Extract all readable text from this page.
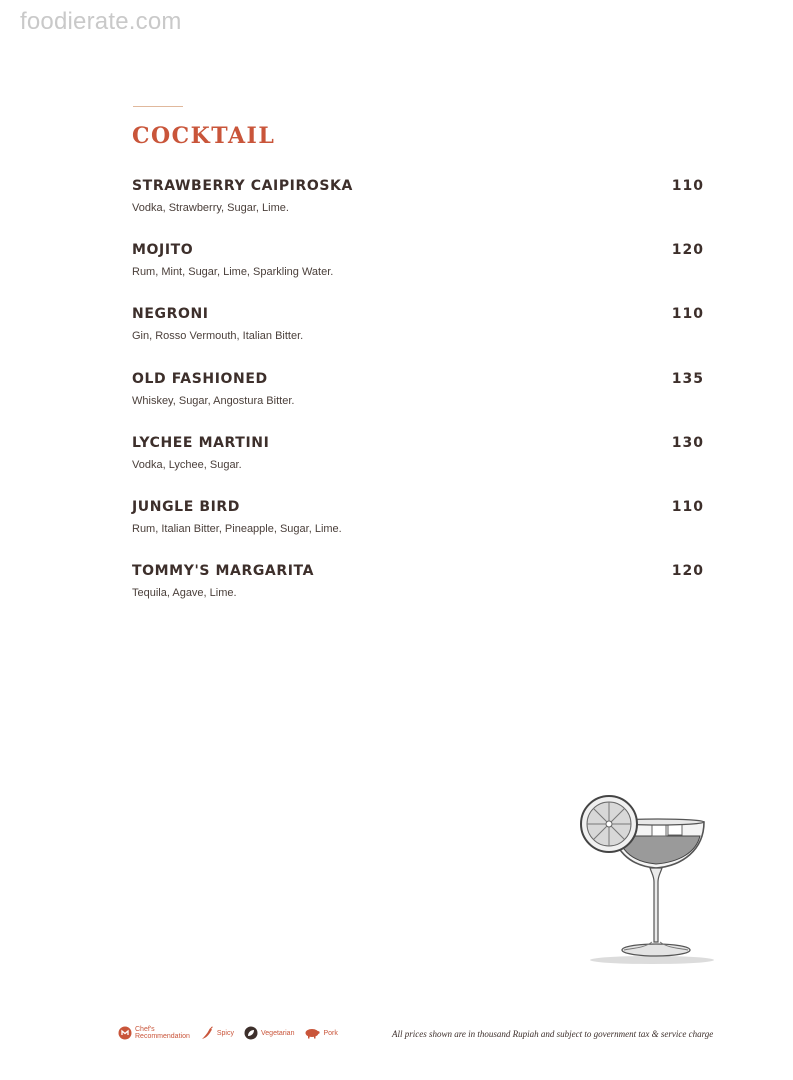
foodierate.com
COCKTAIL
STRAWBERRY CAIPIROSKA	110
Vodka, Strawberry, Sugar, Lime.
MOJITO	120
Rum, Mint, Sugar, Lime, Sparkling Water.
NEGRONI	110
Gin, Rosso Vermouth, Italian Bitter.
OLD FASHIONED	135
Whiskey, Sugar, Angostura Bitter.
LYCHEE MARTINI	130
Vodka, Lychee, Sugar.
JUNGLE BIRD	110
Rum, Italian Bitter, Pineapple, Sugar, Lime.
TOMMY'S MARGARITA	120
Tequila, Agave, Lime.
Chef's
Recommendation	Spicy	Vegetarian	Pork	All prices shown are in thousand Rupiah and subject to government tax & service charge
